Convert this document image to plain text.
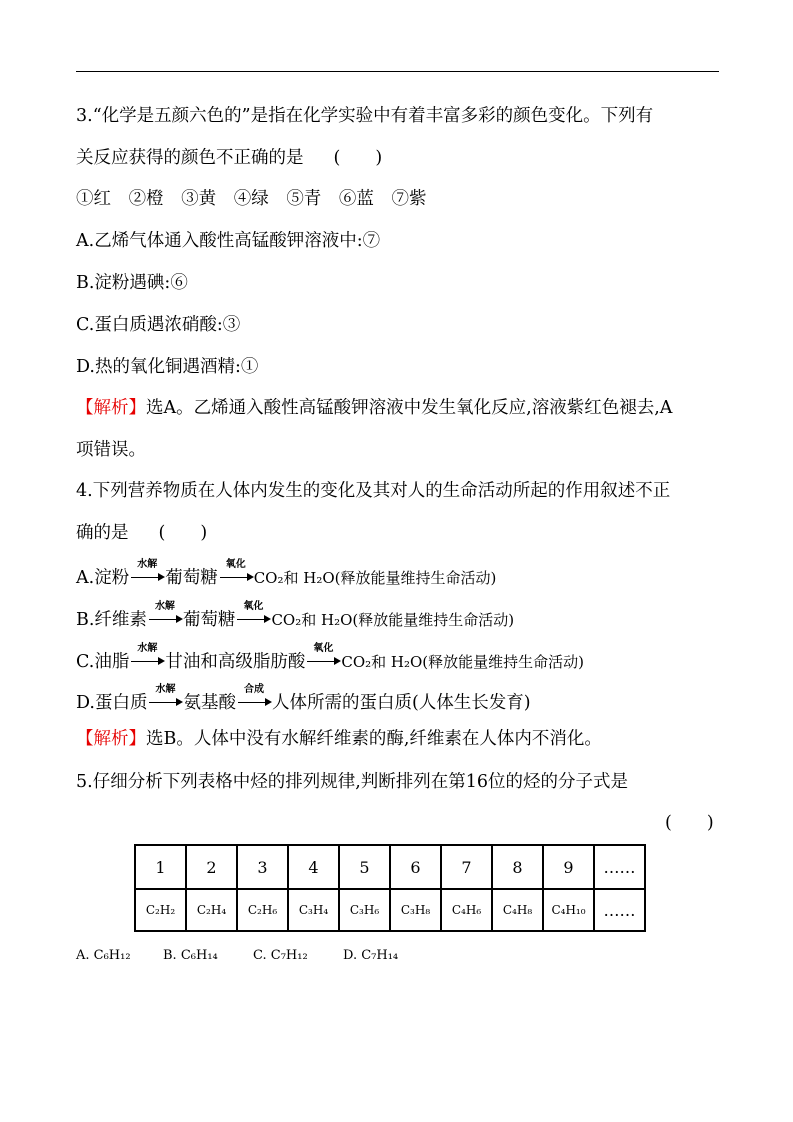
3.“化学是五颜六色的”是指在化学实验中有着丰富多彩的颜色变化。下列有
关反应获得的颜色不正确的是 (　　)
①红 ②橙 ③黄 ④绿 ⑤青 ⑥蓝 ⑦紫
A.乙烯气体通入酸性高锰酸钾溶液中:⑦
B.淀粉遇碘:⑥
C.蛋白质遇浓硝酸:③
D.热的氧化铜遇酒精:①
【解析】选A。乙烯通入酸性高锰酸钾溶液中发生氧化反应,溶液紫红色褪去,A
项错误。
4.下列营养物质在人体内发生的变化及其对人的生命活动所起的作用叙述不正
确的是 (　　)
A.淀粉
水解
葡萄糖
氧化
CO₂和 H₂O(释放能量维持生命活动)
B.纤维素
水解
葡萄糖
氧化
CO₂和 H₂O(释放能量维持生命活动)
C.油脂
水解
甘油和高级脂肪酸
氧化
CO₂和 H₂O(释放能量维持生命活动)
D.蛋白质
水解
氨基酸
合成
人体所需的蛋白质(人体生长发育)
【解析】选B。人体中没有水解纤维素的酶,纤维素在人体内不消化。
5.仔细分析下列表格中烃的排列规律,判断排列在第16位的烃的分子式是
(　　)
1	2	3	4	5	6	7	8	9	……
C₂H₂	C₂H₄	C₂H₆	C₃H₄	C₃H₆	C₃H₈	C₄H₆	C₄H₈	C₄H₁₀	……
A. C₆H₁₂ B. C₆H₁₄	C. C₇H₁₂	D. C₇H₁₄
